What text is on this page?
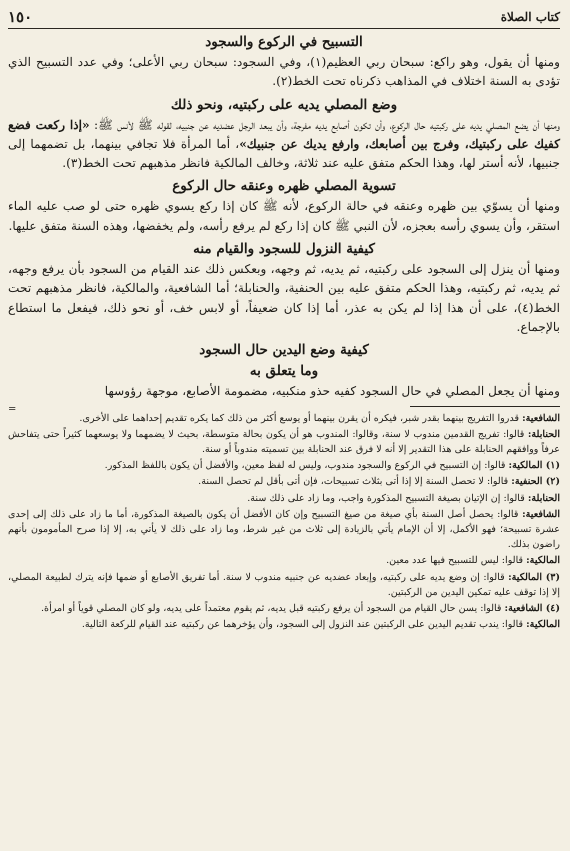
كتاب الصلاة
١٥٠
التسبيح في الركوع والسجود

ومنها أن يقول، وهو راكع: سبحان ربي العظيم(١)، وفي السجود: سبحان ربي الأعلى؛ وفي عدد التسبيح الذي تؤدى به السنة اختلاف في المذاهب ذكرناه تحت الخط(٢).

وضع المصلي يديه على ركبتيه، ونحو ذلك

ومنها أن يضع المصلي يديه على ركبتيه حال الركوع، وأن تكون أصابع يديه مفرجة، وأن يبعد الرجل عضديه عن جنبيه، لقوله ﷺ لأنس ﷺ: «إذا ركعت فضع كفيك على ركبتيك، وفرج بين أصابعك، وارفع يديك عن جنبيك»، أما المرأة فلا تجافي بينهما، بل تضمهما إلى جنبيها، لأنه أستر لها، وهذا الحكم متفق عليه عند ثلاثة، وخالف المالكية فانظر مذهبهم تحت الخط(٣).

تسوية المصلي ظهره وعنقه حال الركوع

ومنها أن يسوّي بين ظهره وعنقه في حالة الركوع، لأنه ﷺ كان إذا ركع يسوي ظهره حتى لو صب عليه الماء استقر، وأن يسوي رأسه بعجزه، لأن النبي ﷺ كان إذا ركع لم يرفع رأسه، ولم يخفضها، وهذه السنة متفق عليها.

كيفية النزول للسجود والقيام منه

ومنها أن ينزل إلى السجود على ركبتيه، ثم يديه، ثم وجهه، وبعكس ذلك عند القيام من السجود بأن يرفع وجهه، ثم يديه، ثم ركبتيه، وهذا الحكم متفق عليه بين الحنفية، والحنابلة؛ أما الشافعية، والمالكية، فانظر مذهبهم تحت الخط(٤)، على أن هذا إذا لم يكن به عذر، أما إذا كان ضعيفاً، أو لابس خف، أو نحو ذلك، فيفعل ما استطاع بالإجماع.

كيفية وضع اليدين حال السجود
وما يتعلق به

ومنها أن يجعل المصلي في حال السجود كفيه حذو منكبيه، مضمومة الأصابع، موجهة رؤوسها

=

الشافعية: قدروا التفريج بينهما بقدر شبر، فيكره أن يقرن بينهما أو يوسع أكثر من ذلك كما يكره تقديم إحداهما على الأخرى.

الحنابلة: قالوا: تفريج القدمين مندوب لا سنة، وقالوا: المندوب هو أن يكون بحالة متوسطة، بحيث لا يضمهما ولا يوسعهما كثيراً حتى يتفاحش عرفاً ووافقهم الحنابلة على هذا التقدير إلا أنه لا فرق عند الحنابلة بين تسميته مندوباً أو سنة.

(١) المالكية: قالوا: إن التسبيح في الركوع والسجود مندوب، وليس له لفظ معين، والأفضل أن يكون باللفظ المذكور.

(٢) الحنفية: قالوا: لا تحصل السنة إلا إذا أتى بثلاث تسبيحات، فإن أتى بأقل لم تحصل السنة.

الحنابلة: قالوا: إن الإتيان بصيغة التسبيح المذكورة واجب، وما زاد على ذلك سنة.

الشافعية: قالوا: يحصل أصل السنة بأي صيغة من صيغ التسبيح وإن كان الأفضل أن يكون بالصيغة المذكورة، أما ما زاد على ذلك إلى إحدى عشرة تسبيحة؛ فهو الأكمل، إلا أن الإمام يأتي بالزيادة إلى ثلاث من غير شرط، وما زاد على ذلك لا يأتي به، إلا إذا صرح المأمومون بأنهم راضون بذلك.

المالكية: قالوا: ليس للتسبيح فيها عدد معين.

(٣) المالكية: قالوا: إن وضع يديه على ركبتيه، وإبعاد عضديه عن جنبيه مندوب لا سنة. أما تفريق الأصابع أو ضمها فإنه يترك لطبيعة المصلي، إلا إذا توقف عليه تمكين اليدين من الركبتين.

(٤) الشافعية: قالوا: يسن حال القيام من السجود أن يرفع ركبتيه قبل يديه، ثم يقوم معتمداً على يديه، ولو كان المصلي قوياً أو امرأة.

المالكية: قالوا: يندب تقديم اليدين على الركبتين عند النزول إلى السجود، وأن يؤخرهما عن ركبتيه عند القيام للركعة التالية.
